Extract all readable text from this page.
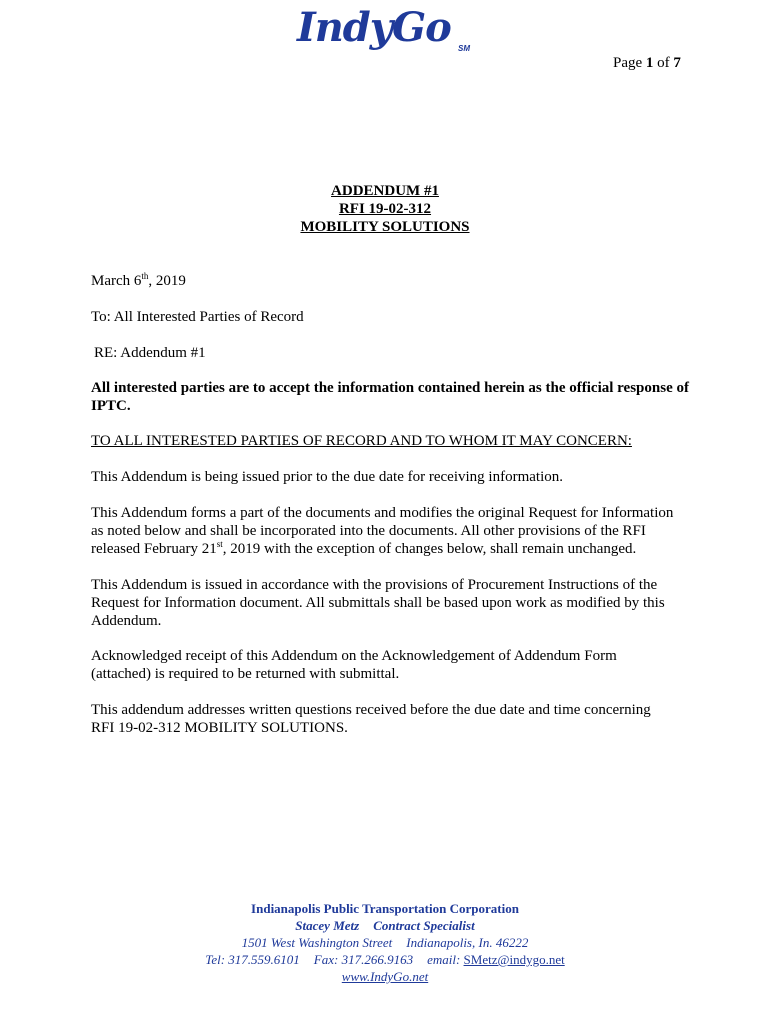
IndyGo SM
Page 1 of 7
ADDENDUM #1
RFI 19-02-312
MOBILITY SOLUTIONS
March 6th, 2019
To: All Interested Parties of Record
RE: Addendum #1
All interested parties are to accept the information contained herein as the official response of IPTC.
TO ALL INTERESTED PARTIES OF RECORD AND TO WHOM IT MAY CONCERN:
This Addendum is being issued prior to the due date for receiving information.
This Addendum forms a part of the documents and modifies the original Request for Information as noted below and shall be incorporated into the documents. All other provisions of the RFI released February 21st, 2019 with the exception of changes below, shall remain unchanged.
This Addendum is issued in accordance with the provisions of Procurement Instructions of the Request for Information document. All submittals shall be based upon work as modified by this Addendum.
Acknowledged receipt of this Addendum on the Acknowledgement of Addendum Form (attached) is required to be returned with submittal.
This addendum addresses written questions received before the due date and time concerning RFI 19-02-312 MOBILITY SOLUTIONS.
Indianapolis Public Transportation Corporation
Stacey Metz Contract Specialist
1501 West Washington Street Indianapolis, In. 46222
Tel: 317.559.6101 Fax: 317.266.9163 email: SMetz@indygo.net
www.IndyGo.net
